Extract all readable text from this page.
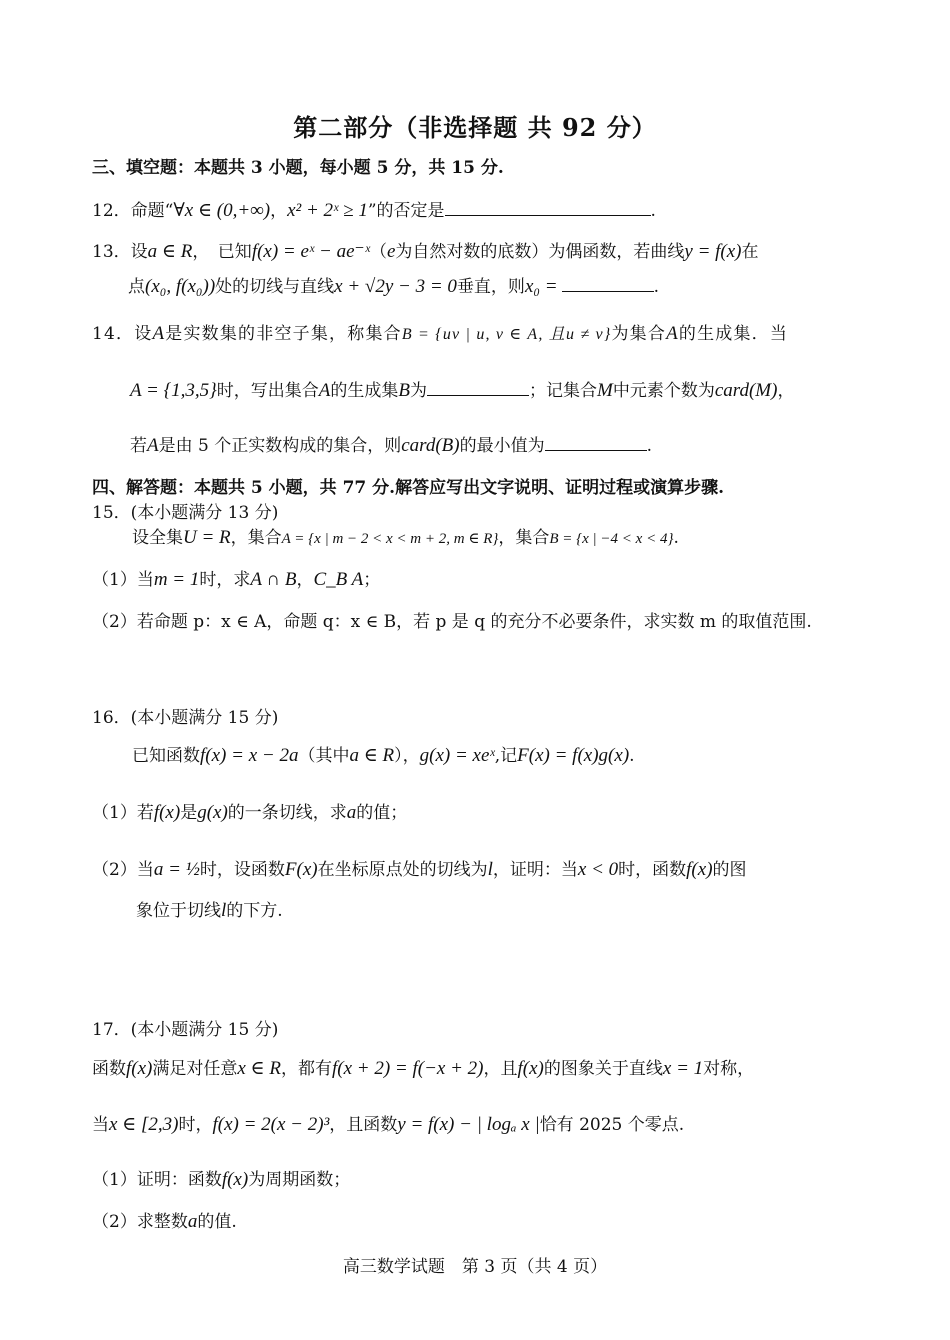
第二部分（非选择题 共 92 分）
三、填空题：本题共 3 小题，每小题 5 分，共 15 分.
12．命题“∀x ∈ (0,+∞)，x² + 2ˣ ≥ 1”的否定是	.
13．设a ∈ R，　已知f(x) = eˣ − ae⁻ˣ（e为自然对数的底数）为偶函数，若曲线y = f(x)在
点(x₀, f(x₀))处的切线与直线x + √2y − 3 = 0垂直，则x₀ =	.
14．设A是实数集的非空子集，称集合B = {uv | u, v ∈ A, 且u ≠ v}为集合A的生成集．当
A = {1,3,5}时，写出集合A的生成集B为	；记集合M中元素个数为card(M)，
若A是由 5 个正实数构成的集合，则card(B)的最小值为	.
四、解答题：本题共 5 小题，共 77 分.解答应写出文字说明、证明过程或演算步骤.
15．(本小题满分 13 分)
设全集U = R，集合A = {x | m − 2 < x < m + 2, m ∈ R}，集合B = {x | −4 < x < 4}.
（1）当m = 1时，求A ∩ B，C_B A；
（2）若命题 p：x ∈ A，命题 q：x ∈ B，若 p 是 q 的充分不必要条件，求实数 m 的取值范围.
16．(本小题满分 15 分)
已知函数f(x) = x − 2a（其中a ∈ R），g(x) = xeˣ,记F(x) = f(x)g(x).
（1）若f(x)是g(x)的一条切线，求a的值；
（2）当a = ½时，设函数F(x)在坐标原点处的切线为l，证明：当x < 0时，函数f(x)的图
象位于切线l的下方.
17．(本小题满分 15 分)
函数f(x)满足对任意x ∈ R，都有f(x + 2) = f(−x + 2)，且f(x)的图象关于直线x = 1对称，
当x ∈ [2,3)时，f(x) = 2(x − 2)³，且函数y = f(x) − | logₐ x |恰有 2025 个零点.
（1）证明：函数f(x)为周期函数；
（2）求整数a的值.
高三数学试题　第 3 页（共 4 页）
